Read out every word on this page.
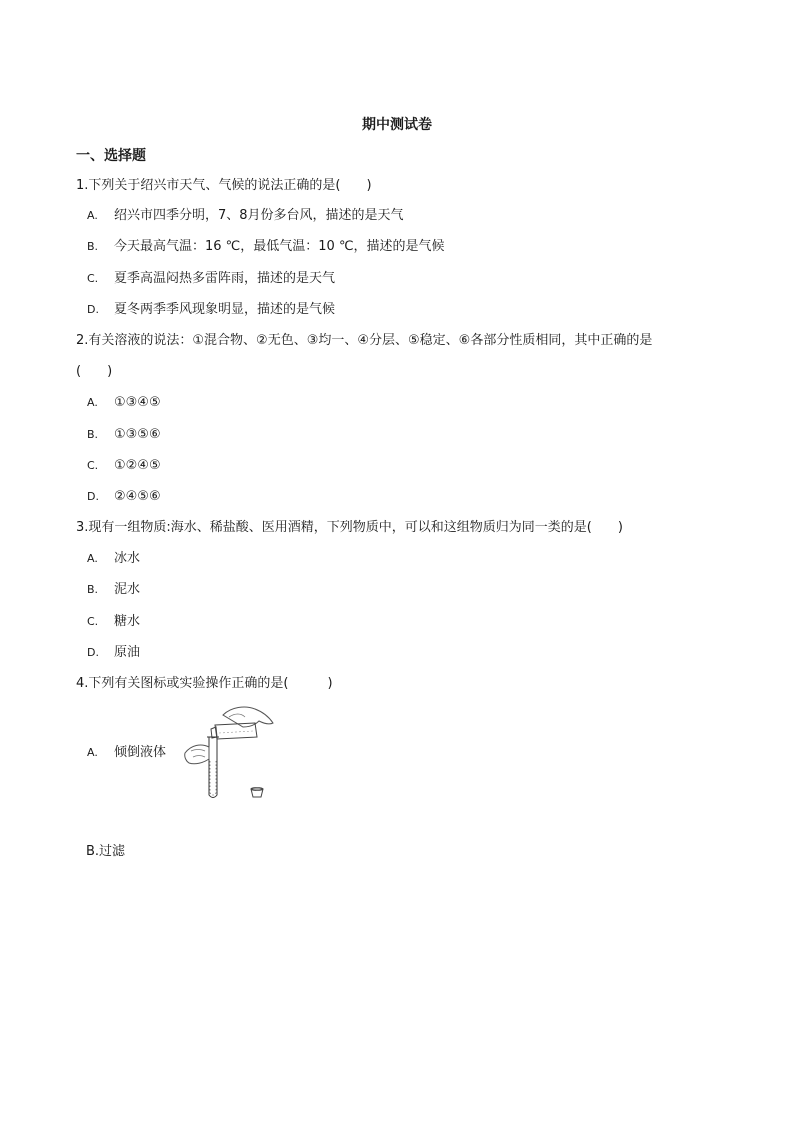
期中测试卷
一、选择题
1.下列关于绍兴市天气、气候的说法正确的是(　　)
A. 绍兴市四季分明，7、8月份多台风，描述的是天气
B. 今天最高气温：16 ℃，最低气温：10 ℃，描述的是气候
C. 夏季高温闷热多雷阵雨，描述的是天气
D. 夏冬两季季风现象明显，描述的是气候
2.有关溶液的说法：①混合物、②无色、③均一、④分层、⑤稳定、⑥各部分性质相同，其中正确的是
(　　)
A. ①③④⑤
B. ①③⑤⑥
C. ①②④⑤
D. ②④⑤⑥
3.现有一组物质:海水、稀盐酸、医用酒精，下列物质中，可以和这组物质归为同一类的是(　　)
A. 冰水
B. 泥水
C. 糖水
D. 原油
4.下列有关图标或实验操作正确的是(　　　)
A. 倾倒液体
B.过滤
